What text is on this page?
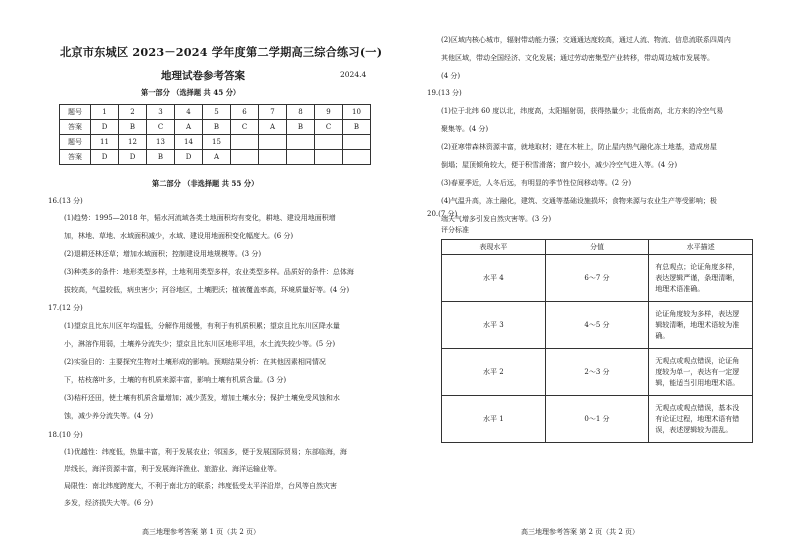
北京市东城区 2023－2024 学年度第二学期高三综合练习(一)
地理试卷参考答案	2024.4
第一部分 （选择题 共 45 分）
题号	1	2	3	4	5	6	7	8	9	10
答案	D	B	C	A	B	C	A	B	C	B
题号	11	12	13	14	15					
答案	D	D	B	D	A					
第二部分 （非选择题 共 55 分）
16.(13 分)
(1)趋势：1995—2018 年，韬水河流域各类土地面积均有变化，耕地、建设用地面积增
加，林地、草地、水域面积减少，水域、建设用地面积变化幅度大。(6 分)
(2)退耕还林还草；增加水域面积；控制建设用地规模等。(3 分)
(3)种类多的条件：地形类型多样，土地利用类型多样，农业类型多样。品质好的条件：总体海
拔较高，气温较低，病虫害少；河谷地区，土壤肥沃；植被覆盖率高，环境质量好等。(4 分)
17.(12 分)
(1)望京且比东川区年均温低，分解作用缓慢，有利于有机质积累；望京且比东川区降水量
小，淋溶作用弱，土壤养分流失少；望京且比东川区地形平坦，水土流失较少等。(5 分)
(2)实验目的：主要探究生物对土壤形成的影响。预期结果分析：在其他因素相同情况
下，枯枝落叶多，土壤的有机质来源丰富，影响土壤有机质含量。(3 分)
(3)秸秆还田，使土壤有机质含量增加；减少蒸发，增加土壤水分；保护土壤免受风蚀和水
蚀，减少养分流失等。(4 分)
18.(10 分)
(1)优越性：纬度低，热量丰富，利于发展农业；邻国多，便于发展国际贸易；东部临海，海
岸线长，海洋资源丰富，利于发展海洋渔业、旅游业、海洋运输业等。
局限性：南北纬度跨度大，不利于南北方的联系；纬度低受太平洋沿岸，台风等自然灾害
多发，经济损失大等。(6 分)
高三地理参考答案 第 1 页（共 2 页）
(2)区域内核心城市，辐射带动能力强；交通通达度较高，通过人流、物流、信息流联系四周内
其他区域，带动全国经济、文化发展；通过劳动密集型产业转移，带动周边城市发展等。
(4 分)
19.(13 分)
(1)位于北纬 60 度以北，纬度高，太阳辐射弱，获得热量少；北低南高，北方来的冷空气易
聚集等。(4 分)
(2)亚寒带森林资源丰富，就地取材；建在木桩上，防止屋内热气融化冻土地基，造成房屋
倒塌；屋顶倾角较大，便于积雪滑落；窗户较小，减少冷空气进入等。(4 分)
(3)春夏季近，人冬后远，有明显的季节性位间移动等。(2 分)
(4)气温升高，冻土融化，建筑、交通等基础设施损坏；食物来源与农业生产等受影响；极
端天气增多引发自然灾害等。(3 分)
20.(7 分)
评分标准
表现水平	分值	水平描述
水平 4	6～7 分	有总观点；论证角度多样，表达逻辑严谨，条理清晰，地理术语准确。
水平 3	4～5 分	论证角度较为多样，表达逻辑较清晰，地理术语较为准确。
水平 2	2～3 分	无观点或观点错误，论证角度较为单一，表达有一定逻辑，能适当引用地理术语。
水平 1	0～1 分	无观点或观点错误，基本没有论证过程，地理术语有错误，表述逻辑较为混乱。
高三地理参考答案 第 2 页（共 2 页）
